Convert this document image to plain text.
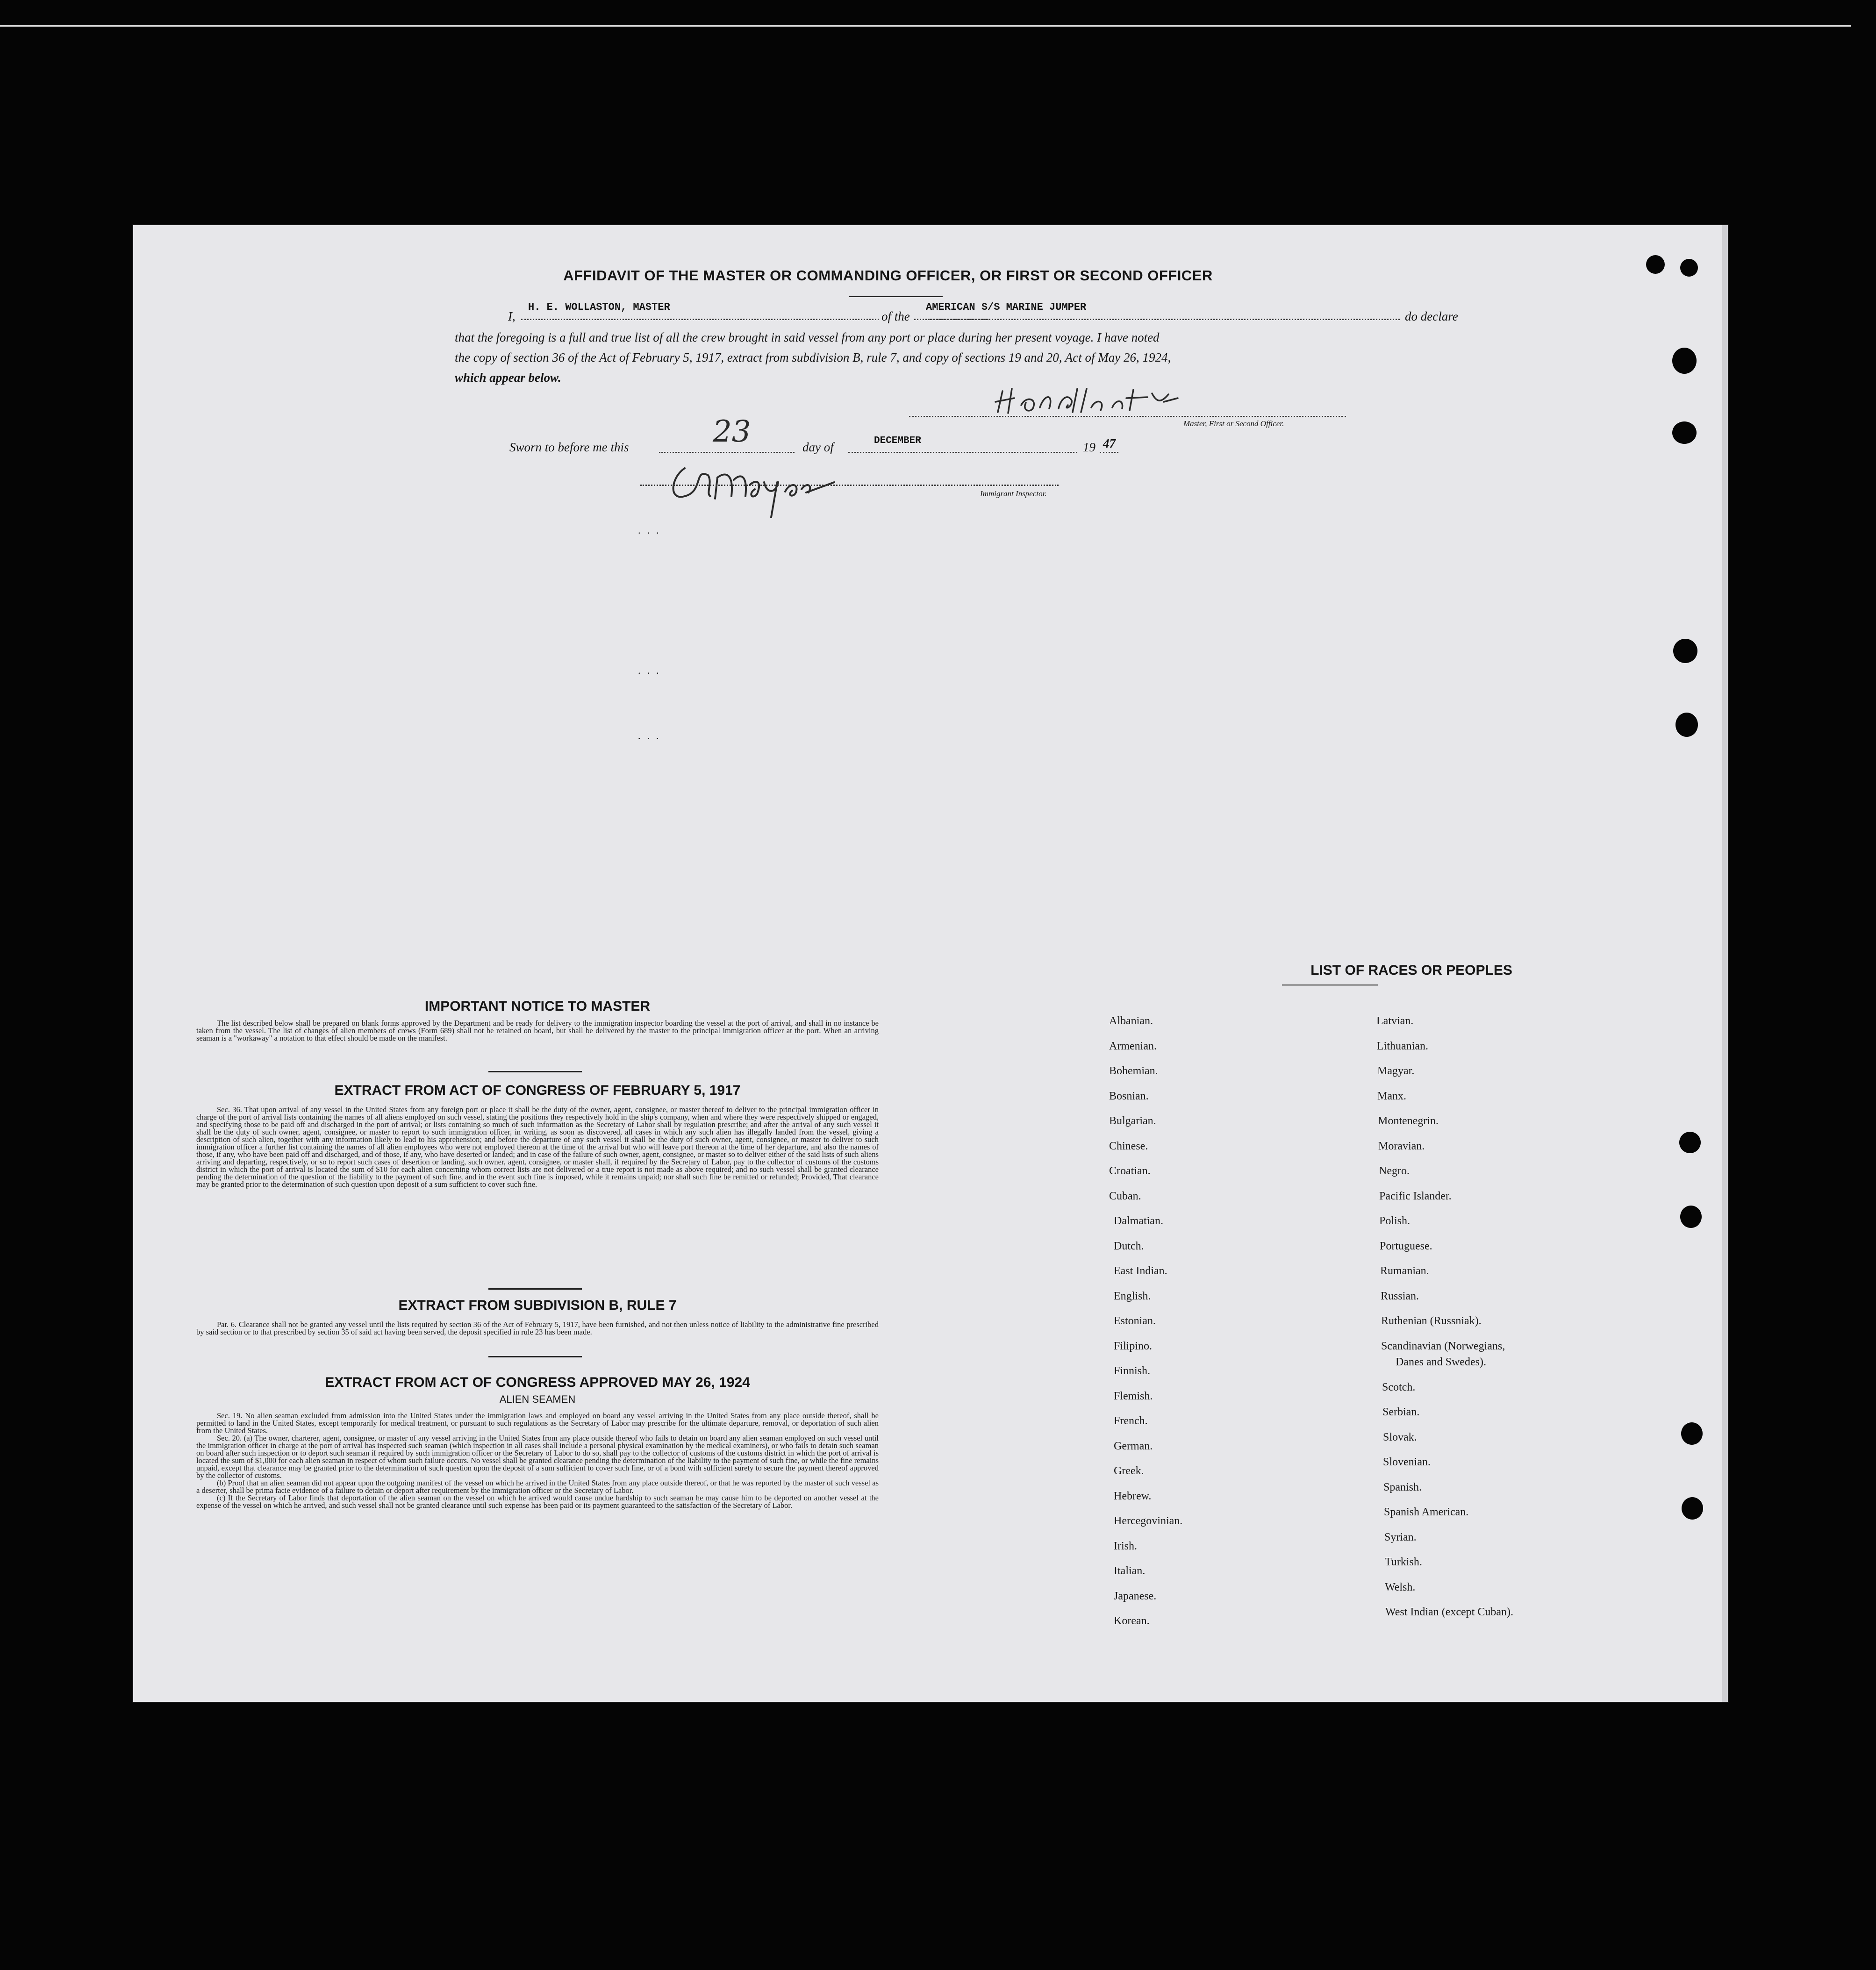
AFFIDAVIT OF THE MASTER OR COMMANDING OFFICER, OR FIRST OR SECOND OFFICER
I,
H. E. WOLLASTON, MASTER
of the
AMERICAN S/S MARINE JUMPER
do declare
that the foregoing is a full and true list of all the crew brought in said vessel from any port or place during her present voyage. I have noted
the copy of section 36 of the Act of February 5, 1917, extract from subdivision B, rule 7, and copy of sections 19 and 20, Act of May 26, 1924,
which appear below.
Master, First or Second Officer.
Sworn to before me this	23	day of	DECEMBER	19 47
Immigrant Inspector.
...
...
...
IMPORTANT NOTICE TO MASTER

The list described below shall be prepared on blank forms approved by the Department and be ready for delivery to the immigration inspector boarding the vessel at the port of arrival, and shall in no instance be taken from the vessel. The list of changes of alien members of crews (Form 689) shall not be retained on board, but shall be delivered by the master to the principal immigration officer at the port. When an arriving seaman is a "workaway" a notation to that effect should be made on the manifest.

EXTRACT FROM ACT OF CONGRESS OF FEBRUARY 5, 1917

Sec. 36. That upon arrival of any vessel in the United States from any foreign port or place it shall be the duty of the owner, agent, consignee, or master thereof to deliver to the principal immigration officer in charge of the port of arrival lists containing the names of all aliens employed on such vessel, stating the positions they respectively hold in the ship's company, when and where they were respectively shipped or engaged, and specifying those to be paid off and discharged in the port of arrival; or lists containing so much of such information as the Secretary of Labor shall by regulation prescribe; and after the arrival of any such vessel it shall be the duty of such owner, agent, consignee, or master to report to such immigration officer, in writing, as soon as discovered, all cases in which any such alien has illegally landed from the vessel, giving a description of such alien, together with any information likely to lead to his apprehension; and before the departure of any such vessel it shall be the duty of such owner, agent, consignee, or master to deliver to such immigration officer a further list containing the names of all alien employees who were not employed thereon at the time of the arrival but who will leave port thereon at the time of her departure, and also the names of those, if any, who have been paid off and discharged, and of those, if any, who have deserted or landed; and in case of the failure of such owner, agent, consignee, or master so to deliver either of the said lists of such aliens arriving and departing, respectively, or so to report such cases of desertion or landing, such owner, agent, consignee, or master shall, if required by the Secretary of Labor, pay to the collector of customs of the customs district in which the port of arrival is located the sum of $10 for each alien concerning whom correct lists are not delivered or a true report is not made as above required; and no such vessel shall be granted clearance pending the determination of the question of the liability to the payment of such fine, and in the event such fine is imposed, while it remains unpaid; nor shall such fine be remitted or refunded; Provided, That clearance may be granted prior to the determination of such question upon deposit of a sum sufficient to cover such fine.

EXTRACT FROM SUBDIVISION B, RULE 7

Par. 6. Clearance shall not be granted any vessel until the lists required by section 36 of the Act of February 5, 1917, have been furnished, and not then unless notice of liability to the administrative fine prescribed by said section or to that prescribed by section 35 of said act having been served, the deposit specified in rule 23 has been made.

EXTRACT FROM ACT OF CONGRESS APPROVED MAY 26, 1924
ALIEN SEAMEN

Sec. 19. No alien seaman excluded from admission into the United States under the immigration laws and employed on board any vessel arriving in the United States from any place outside thereof, shall be permitted to land in the United States, except temporarily for medical treatment, or pursuant to such regulations as the Secretary of Labor may prescribe for the ultimate departure, removal, or deportation of such alien from the United States.

Sec. 20. (a) The owner, charterer, agent, consignee, or master of any vessel arriving in the United States from any place outside thereof who fails to detain on board any alien seaman employed on such vessel until the immigration officer in charge at the port of arrival has inspected such seaman (which inspection in all cases shall include a personal physical examination by the medical examiners), or who fails to detain such seaman on board after such inspection or to deport such seaman if required by such immigration officer or the Secretary of Labor to do so, shall pay to the collector of customs of the customs district in which the port of arrival is located the sum of $1,000 for each alien seaman in respect of whom such failure occurs. No vessel shall be granted clearance pending the determination of the liability to the payment of such fine, or while the fine remains unpaid, except that clearance may be granted prior to the determination of such question upon the deposit of a sum sufficient to cover such fine, or of a bond with sufficient surety to secure the payment thereof approved by the collector of customs.

(b) Proof that an alien seaman did not appear upon the outgoing manifest of the vessel on which he arrived in the United States from any place outside thereof, or that he was reported by the master of such vessel as a deserter, shall be prima facie evidence of a failure to detain or deport after requirement by the immigration officer or the Secretary of Labor.

(c) If the Secretary of Labor finds that deportation of the alien seaman on the vessel on which he arrived would cause undue hardship to such seaman he may cause him to be deported on another vessel at the expense of the vessel on which he arrived, and such vessel shall not be granted clearance until such expense has been paid or its payment guaranteed to the satisfaction of the Secretary of Labor.

LIST OF RACES OR PEOPLES
Albanian.
Armenian.
Bohemian.
Bosnian.
Bulgarian.
Chinese.
Croatian.
Cuban.
Dalmatian.
Dutch.
East Indian.
English.
Estonian.
Filipino.
Finnish.
Flemish.
French.
German.
Greek.
Hebrew.
Hercegovinian.
Irish.
Italian.
Japanese.
Korean.
Latvian.
Lithuanian.
Magyar.
Manx.
Montenegrin.
Moravian.
Negro.
Pacific Islander.
Polish.
Portuguese.
Rumanian.
Russian.
Ruthenian (Russniak).
Scandinavian (Norwegians,
Danes and Swedes).
Scotch.
Serbian.
Slovak.
Slovenian.
Spanish.
Spanish American.
Syrian.
Turkish.
Welsh.
West Indian (except Cuban).
